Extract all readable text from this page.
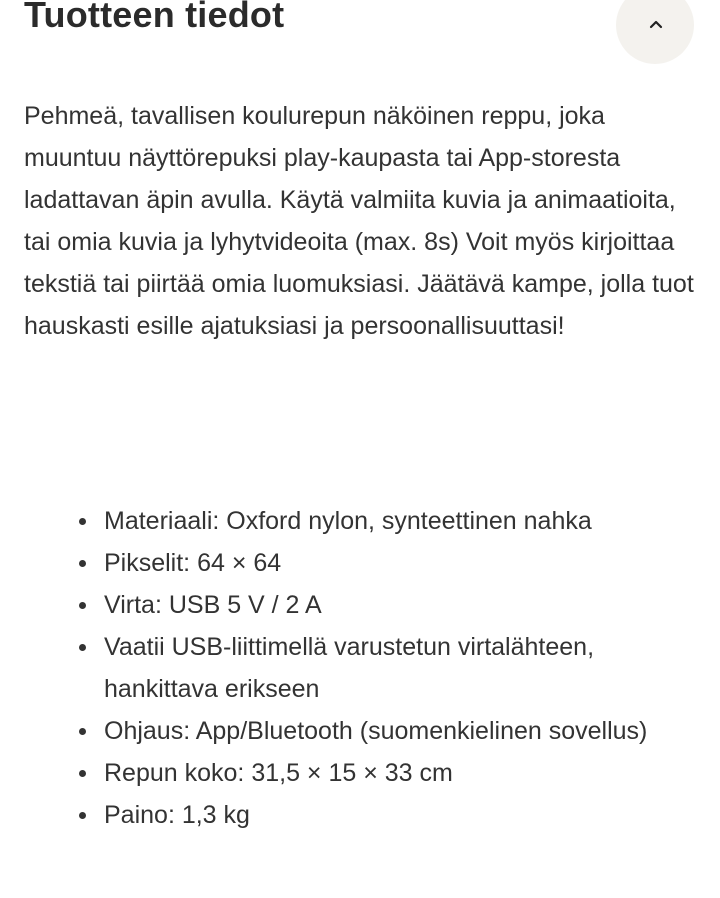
Tuotteen tiedot

Pehmeä, tavallisen koulurepun näköinen reppu, joka muuntuu näyttörepuksi play-kaupasta tai App-storesta ladattavan äpin avulla. Käytä valmiita kuvia ja animaatioita, tai omia kuvia ja lyhytvideoita (max. 8s) Voit myös kirjoittaa tekstiä tai piirtää omia luomuksiasi. Jäätävä kampe, jolla tuot hauskasti esille ajatuksiasi ja persoonallisuuttasi!

Materiaali: Oxford nylon, synteettinen nahka
Pikselit: 64 × 64
Virta: USB 5 V / 2 A
Vaatii USB-liittimellä varustetun virtalähteen, hankittava erikseen
Ohjaus: App/Bluetooth (suomenkielinen sovellus)
Repun koko: 31,5 × 15 × 33 cm
Paino: 1,3 kg
